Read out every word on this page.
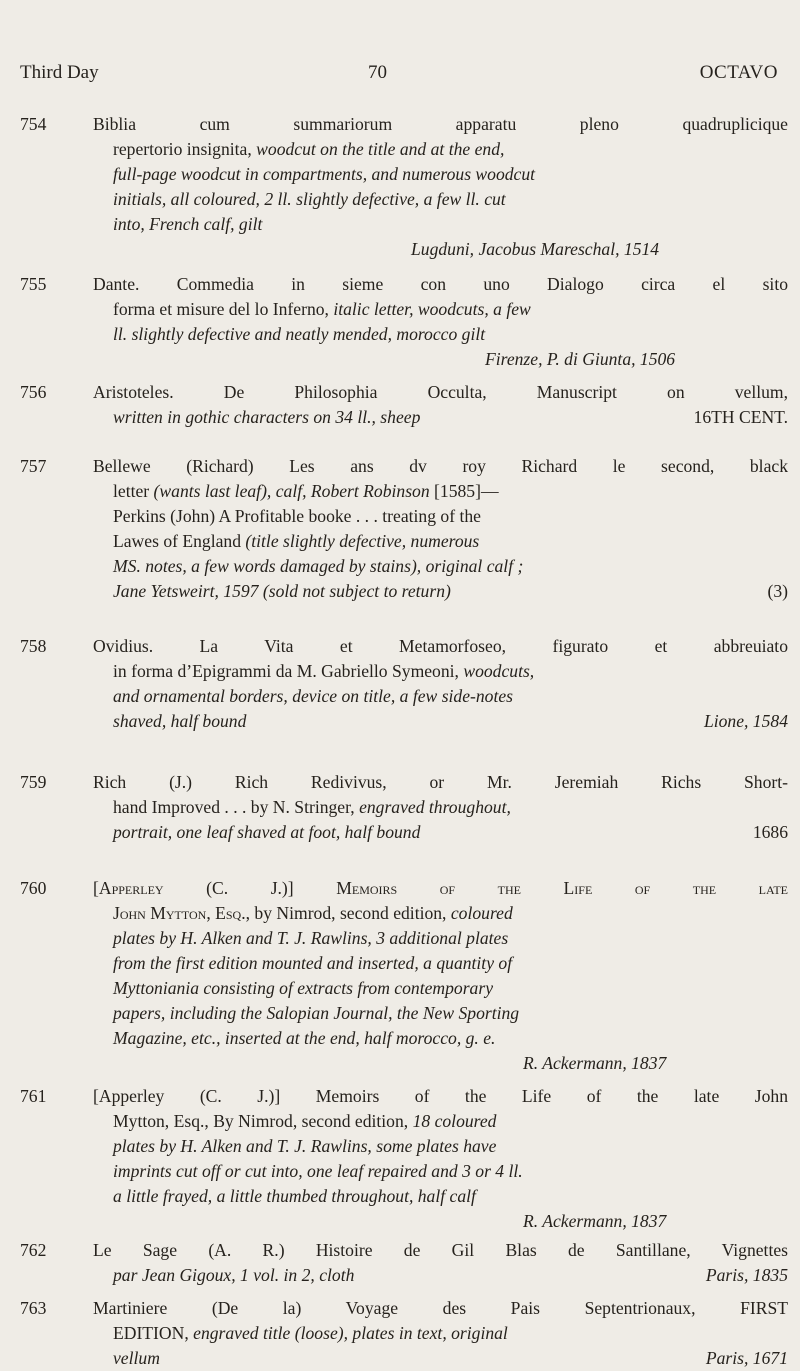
Third Day	70	OCTAVO
754	Biblia cum summariorum apparatu pleno quadruplicique
repertorio insignita, woodcut on the title and at the end,
full-page woodcut in compartments, and numerous woodcut
initials, all coloured, 2 ll. slightly defective, a few ll. cut
into, French calf, gilt
Lugduni, Jacobus Mareschal, 1514
755	Dante. Commedia in sieme con uno Dialogo circa el sito
forma et misure del lo Inferno, italic letter, woodcuts, a few
ll. slightly defective and neatly mended, morocco gilt
Firenze, P. di Giunta, 1506
756	Aristoteles. De Philosophia Occulta, Manuscript on vellum,
written in gothic characters on 34 ll., sheep	16TH CENT.
757	Bellewe (Richard) Les ans dv roy Richard le second, black
letter (wants last leaf), calf, Robert Robinson [1585]—
Perkins (John) A Profitable booke . . . treating of the
Lawes of England (title slightly defective, numerous
MS. notes, a few words damaged by stains), original calf ;
Jane Yetsweirt, 1597 (sold not subject to return)	(3)
758	Ovidius. La Vita et Metamorfoseo, figurato et abbreuiato
in forma d’Epigrammi da M. Gabriello Symeoni, woodcuts,
and ornamental borders, device on title, a few side-notes
shaved, half bound	Lione, 1584
759	Rich (J.) Rich Redivivus, or Mr. Jeremiah Richs Short-
hand Improved . . . by N. Stringer, engraved throughout,
portrait, one leaf shaved at foot, half bound	1686
760	[Apperley (C. J.)] Memoirs of the Life of the late
John Mytton, Esq., by Nimrod, second edition, coloured
plates by H. Alken and T. J. Rawlins, 3 additional plates
from the first edition mounted and inserted, a quantity of
Myttoniania consisting of extracts from contemporary
papers, including the Salopian Journal, the New Sporting
Magazine, etc., inserted at the end, half morocco, g. e.
R. Ackermann, 1837
761	[Apperley (C. J.)] Memoirs of the Life of the late John
Mytton, Esq., By Nimrod, second edition, 18 coloured
plates by H. Alken and T. J. Rawlins, some plates have
imprints cut off or cut into, one leaf repaired and 3 or 4 ll.
a little frayed, a little thumbed throughout, half calf
R. Ackermann, 1837
762	Le Sage (A. R.) Histoire de Gil Blas de Santillane, Vignettes
par Jean Gigoux, 1 vol. in 2, cloth	Paris, 1835
763	Martiniere (De la) Voyage des Pais Septentrionaux, FIRST
EDITION, engraved title (loose), plates in text, original
vellum	Paris, 1671
